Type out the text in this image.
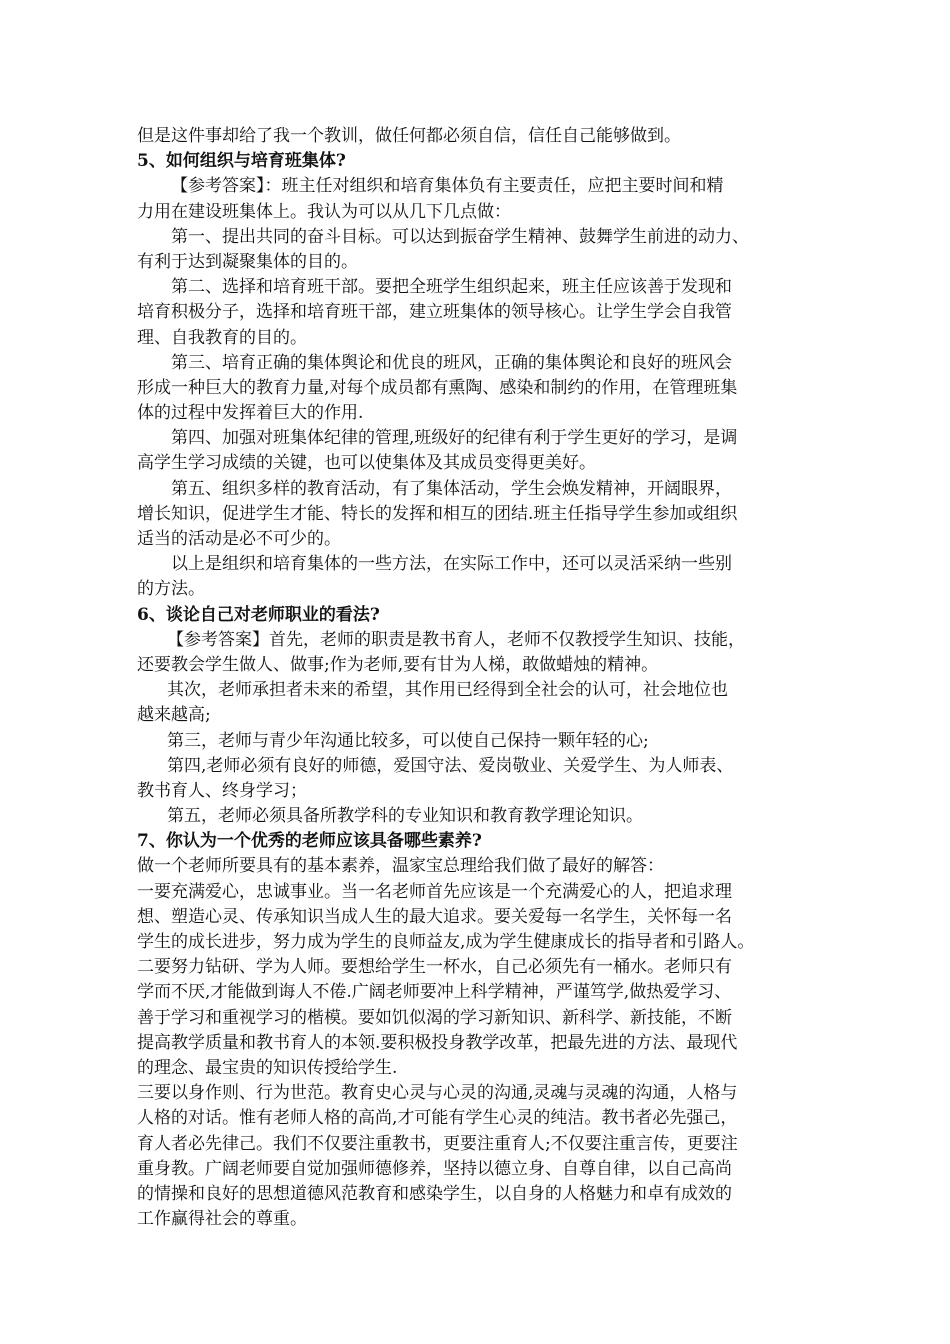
但是这件事却给了我一个教训，做任何都必须自信，信任自己能够做到。
5、如何组织与培育班集体?
【参考答案】：班主任对组织和培育集体负有主要责任，应把主要时间和精
力用在建设班集体上。我认为可以从几下几点做：
第一、提出共同的奋斗目标。可以达到振奋学生精神、鼓舞学生前进的动力、
有利于达到凝聚集体的目的。
第二、选择和培育班干部。要把全班学生组织起来，班主任应该善于发现和
培育积极分子，选择和培育班干部，建立班集体的领导核心。让学生学会自我管
理、自我教育的目的。
第三、培育正确的集体舆论和优良的班风，正确的集体舆论和良好的班风会
形成一种巨大的教育力量,对每个成员都有熏陶、感染和制约的作用，在管理班集
体的过程中发挥着巨大的作用.
第四、加强对班集体纪律的管理,班级好的纪律有利于学生更好的学习，是调
高学生学习成绩的关键，也可以使集体及其成员变得更美好。
第五、组织多样的教育活动，有了集体活动，学生会焕发精神，开阔眼界，
增长知识，促进学生才能、特长的发挥和相互的团结.班主任指导学生参加或组织
适当的活动是必不可少的。
以上是组织和培育集体的一些方法，在实际工作中，还可以灵活采纳一些别
的方法。
6、谈论自己对老师职业的看法?
【参考答案】首先，老师的职责是教书育人，老师不仅教授学生知识、技能，
还要教会学生做人、做事;作为老师,要有甘为人梯，敢做蜡烛的精神。
其次，老师承担者未来的希望，其作用已经得到全社会的认可，社会地位也
越来越高;
第三，老师与青少年沟通比较多，可以使自己保持一颗年轻的心;
第四,老师必须有良好的师德，爱国守法、爱岗敬业、关爱学生、为人师表、
教书育人、终身学习；
第五，老师必须具备所教学科的专业知识和教育教学理论知识。
7、你认为一个优秀的老师应该具备哪些素养?
做一个老师所要具有的基本素养，温家宝总理给我们做了最好的解答：
一要充满爱心，忠诚事业。当一名老师首先应该是一个充满爱心的人，把追求理
想、塑造心灵、传承知识当成人生的最大追求。要关爱每一名学生，关怀每一名
学生的成长进步，努力成为学生的良师益友,成为学生健康成长的指导者和引路人。
二要努力钻研、学为人师。要想给学生一杯水，自己必须先有一桶水。老师只有
学而不厌,才能做到诲人不倦.广阔老师要冲上科学精神，严谨笃学,做热爱学习、
善于学习和重视学习的楷模。要如饥似渴的学习新知识、新科学、新技能，不断
提高教学质量和教书育人的本领.要积极投身教学改革，把最先进的方法、最现代
的理念、最宝贵的知识传授给学生.
三要以身作则、行为世范。教育史心灵与心灵的沟通,灵魂与灵魂的沟通，人格与
人格的对话。惟有老师人格的高尚,才可能有学生心灵的纯洁。教书者必先强己，
育人者必先律己。我们不仅要注重教书，更要注重育人;不仅要注重言传，更要注
重身教。广阔老师要自觉加强师德修养，坚持以德立身、自尊自律，以自己高尚
的情操和良好的思想道德风范教育和感染学生，以自身的人格魅力和卓有成效的
工作赢得社会的尊重。
